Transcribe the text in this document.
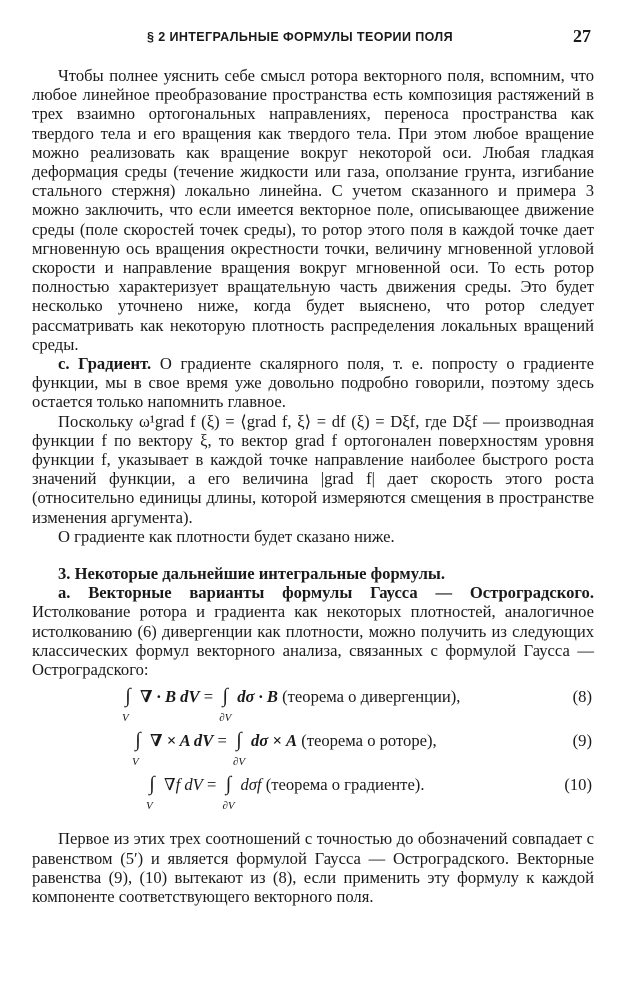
§ 2 ИНТЕГРАЛЬНЫЕ ФОРМУЛЫ ТЕОРИИ ПОЛЯ	27

Чтобы полнее уяснить себе смысл ротора векторного поля, вспомним, что любое линейное преобразование пространства есть композиция растяжений в трех взаимно ортогональных направлениях, переноса пространства как твердого тела и его вращения как твердого тела. При этом любое вращение можно реализовать как вращение вокруг некоторой оси. Любая гладкая деформация среды (течение жидкости или газа, оползание грунта, изгибание стального стержня) локально линейна. С учетом сказанного и примера 3 можно заключить, что если имеется векторное поле, описывающее движение среды (поле скоростей точек среды), то ротор этого поля в каждой точке дает мгновенную ось вращения окрестности точки, величину мгновенной угловой скорости и направление вращения вокруг мгновенной оси. То есть ротор полностью характеризует вращательную часть движения среды. Это будет несколько уточнено ниже, когда будет выяснено, что ротор следует рассматривать как некоторую плотность распределения локальных вращений среды.

с. Градиент. О градиенте скалярного поля, т. е. попросту о градиенте функции, мы в свое время уже довольно подробно говорили, поэтому здесь остается только напомнить главное.

Поскольку ω¹grad f (ξ) = ⟨grad f, ξ⟩ = df (ξ) = Dξf, где Dξf — производная функции f по вектору ξ, то вектор grad f ортогонален поверхностям уровня функции f, указывает в каждой точке направление наиболее быстрого роста значений функции, а его величина |grad f| дает скорость этого роста (относительно единицы длины, которой измеряются смещения в пространстве изменения аргумента).

О градиенте как плотности будет сказано ниже.

3. Некоторые дальнейшие интегральные формулы.

а. Векторные варианты формулы Гаусса — Остроградского. Истолкование ротора и градиента как некоторых плотностей, аналогичное истолкованию (6) дивергенции как плотности, можно получить из следующих классических формул векторного анализа, связанных с формулой Гаусса — Остроградского:

∫
V
∇ · B dV = ∫
∂V
dσ · B (теорема о дивергенции),	(8)
∫
V
∇ × A dV = ∫
∂V
dσ × A (теорема о роторе),	(9)
∫
V
∇f dV = ∫
∂V
dσf (теорема о градиенте).	(10)

Первое из этих трех соотношений с точностью до обозначений совпадает с равенством (5′) и является формулой Гаусса — Остроградского. Векторные равенства (9), (10) вытекают из (8), если применить эту формулу к каждой компоненте соответствующего векторного поля.
